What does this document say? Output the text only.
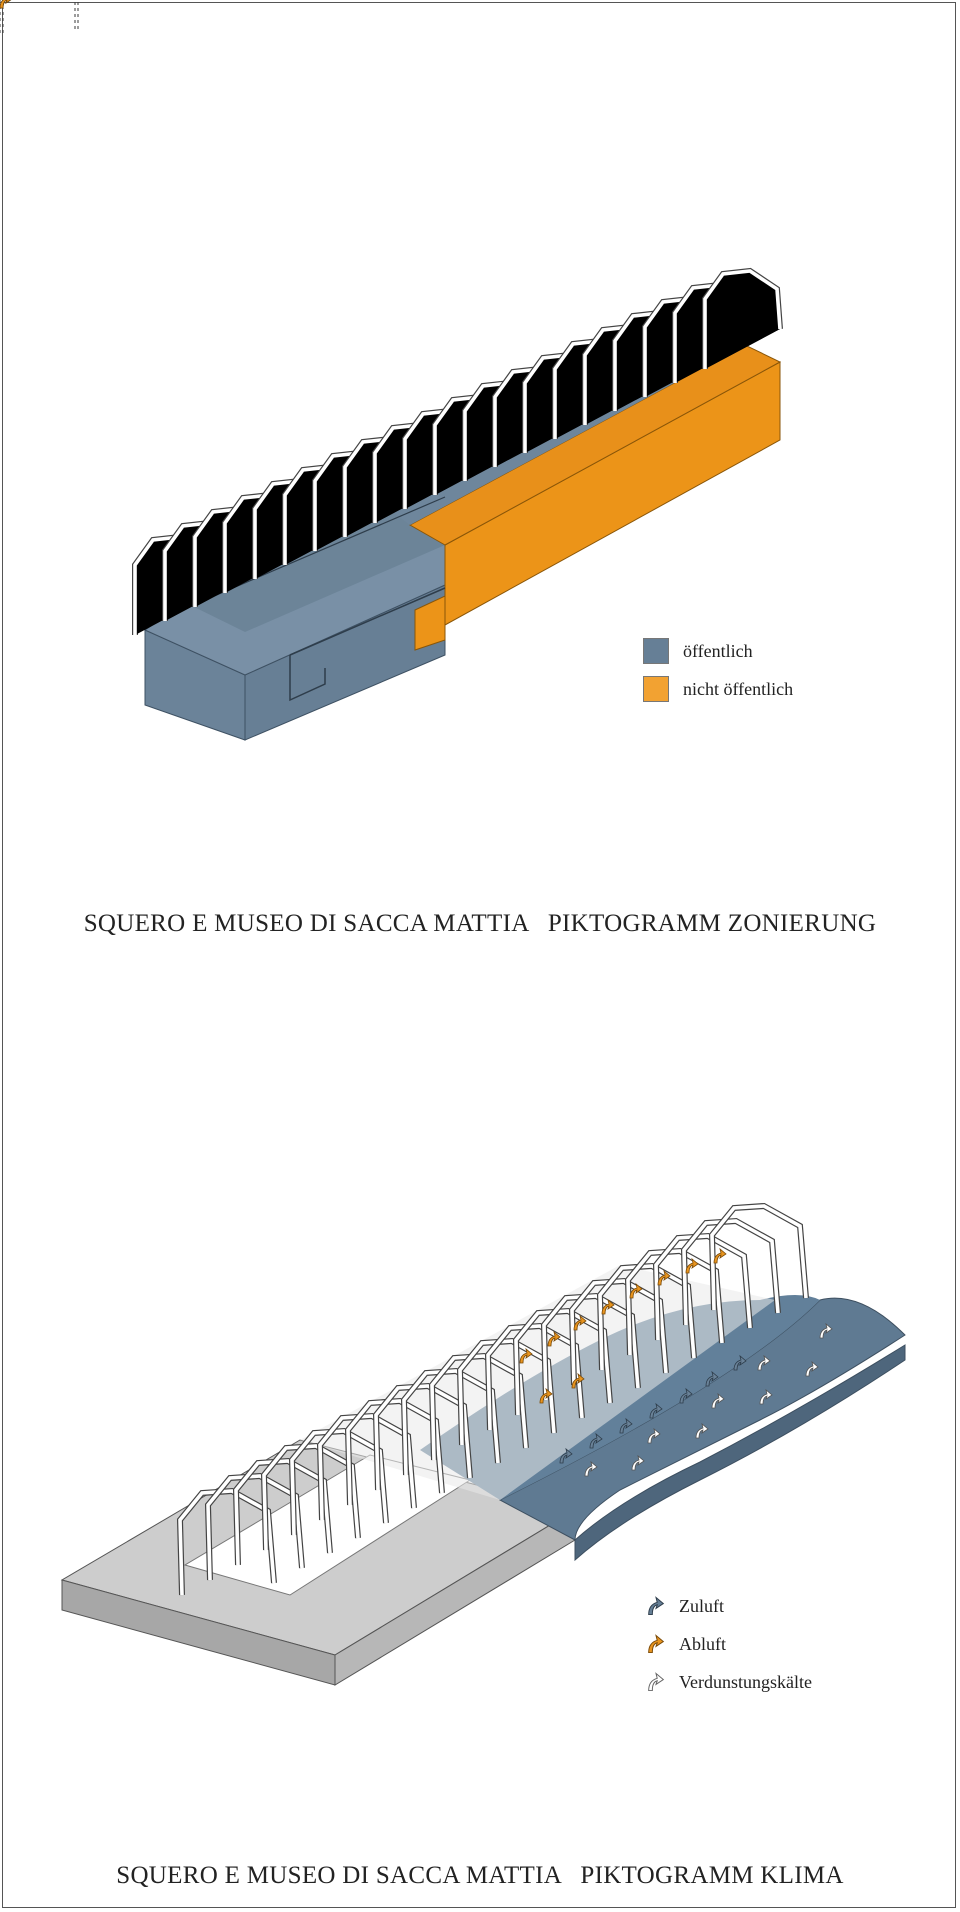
öffentlich
nicht öffentlich
SQUERO E MUSEO DI SACCA MATTIA   PIKTOGRAMM ZONIERUNG
Zuluft
Abluft
Verdunstungskälte
SQUERO E MUSEO DI SACCA MATTIA   PIKTOGRAMM KLIMA
